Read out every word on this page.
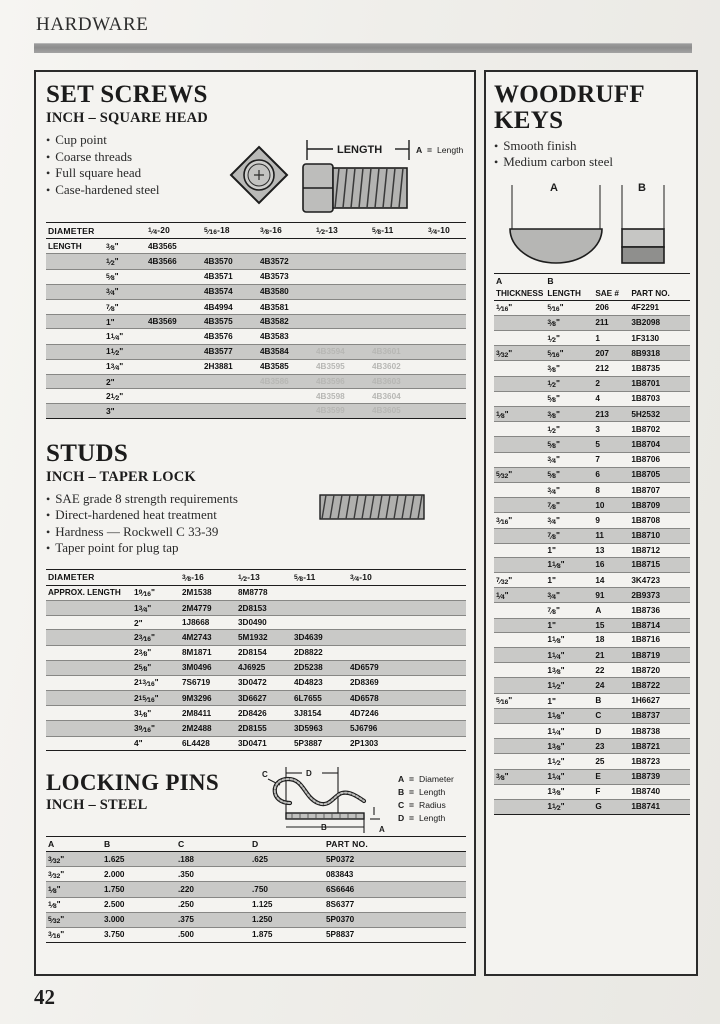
HARDWARE
SET SCREWS
INCH – SQUARE HEAD
• Cup point
• Coarse threads
• Full square head
• Case-hardened steel
LENGTH	A = Length
DIAMETER		$^1$⁄4-20	$^5$⁄16-18	$^3$⁄8-16	$^1$⁄2-13	$^5$⁄8-11	$^3$⁄4-10	
LENGTH	$^3$⁄8"	4B3565						
	$^1$⁄2"	4B3566	4B3570	4B3572				
	$^5$⁄8"		4B3571	4B3573				
	$^3$⁄4"		4B3574	4B3580				
	$^7$⁄8"		4B4994	4B3581				
	1"	4B3569	4B3575	4B3582				
	$1^1⁄4$"		4B3576	4B3583				
	$1^1⁄2$"		4B3577	4B3584	4B3594	4B3601		
	$1^3⁄4$"		2H3881	4B3585	4B3595	4B3602		
	2"			4B3586	4B3596	4B3603		
	$2^1⁄2$"				4B3598	4B3604		
	3"				4B3599	4B3605		
STUDS
INCH – TAPER LOCK
• SAE grade 8 strength requirements
• Direct-hardened heat treatment
• Hardness — Rockwell C 33-39
• Taper point for plug tap
DIAMETER		$^3$⁄8-16	$^1$⁄2-13	$^5$⁄8-11	$^3$⁄4-10		
APPROX. LENGTH	$1^9⁄16$"	2M1538	8M8778				
	$1^3⁄4$"	2M4779	2D8153				
	2"	1J8668	3D0490				
	$2^3⁄16$"	4M2743	5M1932	3D4639			
	$2^3⁄8$"	8M1871	2D8154	2D8822			
	$2^5⁄8$"	3M0496	4J6925	2D5238	4D6579		
	$2^{13}⁄16$"	7S6719	3D0472	4D4823	2D8369		
	$2^{15}⁄16$"	9M3296	3D6627	6L7655	4D6578		
	$3^1⁄8$"	2M8411	2D8426	3J8154	4D7246		
	$3^9⁄16$"	2M2488	2D8155	3D5963	5J6796		
	4"	6L4428	3D0471	5P3887	2P1303		
LOCKING PINS
INCH – STEEL
D
B
C
A
A = Diameter
B = Length
C = Radius
D = Length
A	B	C	D	PART NO.
$^3$⁄32"	1.625	.188	.625	5P0372
$^3$⁄32"	2.000	.350		083843
$^1$⁄8"	1.750	.220	.750	6S6646
$^1$⁄8"	2.500	.250	1.125	8S6377
$^5$⁄32"	3.000	.375	1.250	5P0370
$^3$⁄16"	3.750	.500	1.875	5P8837
WOODRUFF
KEYS
• Smooth finish
• Medium carbon steel
A	B
A	B		
THICKNESS	LENGTH	SAE #	PART NO.
$^1$⁄16"	$^5$⁄16"	206	4F2291
	$^3$⁄8"	211	3B2098
	$^1$⁄2"	1	1F3130
$^3$⁄32"	$^5$⁄16"	207	8B9318
	$^3$⁄8"	212	1B8735
	$^1$⁄2"	2	1B8701
	$^5$⁄8"	4	1B8703
$^1$⁄8"	$^3$⁄8"	213	5H2532
	$^1$⁄2"	3	1B8702
	$^5$⁄8"	5	1B8704
	$^3$⁄4"	7	1B8706
$^5$⁄32"	$^5$⁄8"	6	1B8705
	$^3$⁄4"	8	1B8707
	$^7$⁄8"	10	1B8709
$^3$⁄16"	$^3$⁄4"	9	1B8708
	$^7$⁄8"	11	1B8710
	1"	13	1B8712
	$1^1⁄8$"	16	1B8715
$^7$⁄32"	1"	14	3K4723
$^1$⁄4"	$^3$⁄4"	91	2B9373
	$^7$⁄8"	A	1B8736
	1"	15	1B8714
	$1^1⁄8$"	18	1B8716
	$1^1⁄4$"	21	1B8719
	$1^3⁄8$"	22	1B8720
	$1^1⁄2$"	24	1B8722
$^5$⁄16"	1"	B	1H6627
	$1^1⁄8$"	C	1B8737
	$1^1⁄4$"	D	1B8738
	$1^3⁄8$"	23	1B8721
	$1^1⁄2$"	25	1B8723
$^3$⁄8"	$1^1⁄4$"	E	1B8739
	$1^3⁄8$"	F	1B8740
	$1^1⁄2$"	G	1B8741
42
